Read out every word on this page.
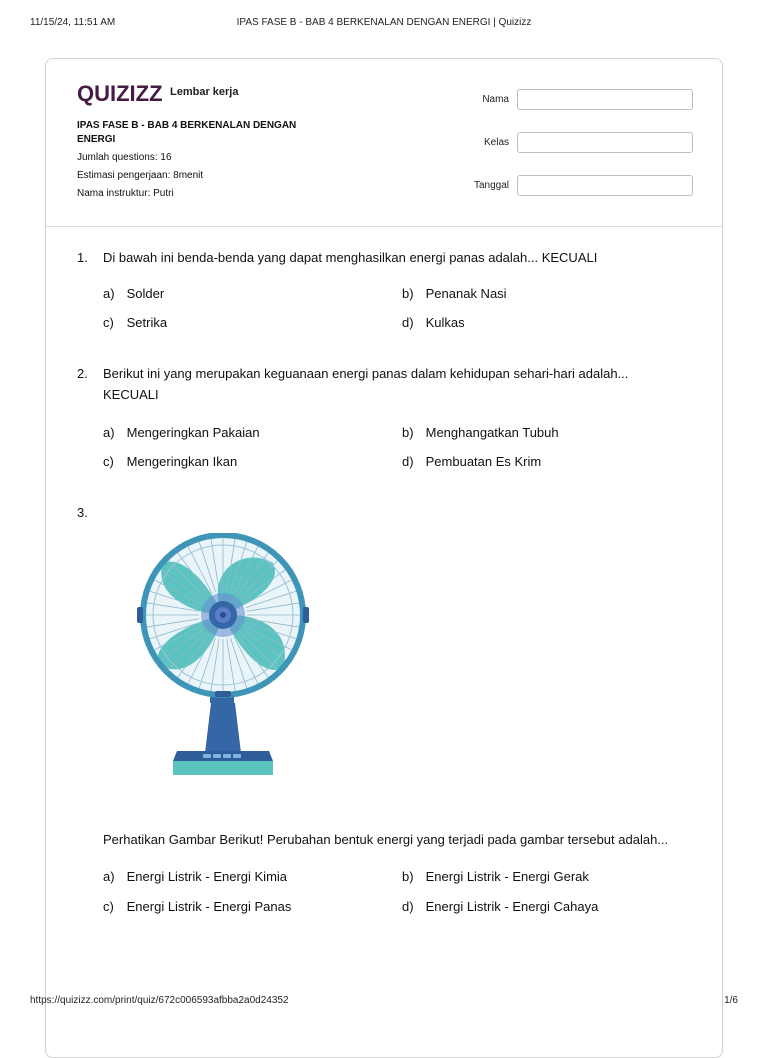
11/15/24, 11:51 AM	IPAS FASE B - BAB 4 BERKENALAN DENGAN ENERGI | Quizizz
QUIZIZZ Lembar kerja
IPAS FASE B - BAB 4 BERKENALAN DENGAN ENERGI
Jumlah questions: 16
Estimasi pengerjaan: 8menit
Nama instruktur: Putri
Nama
Kelas
Tanggal
1. Di bawah ini benda-benda yang dapat menghasilkan energi panas adalah... KECUALI
a) Solder	b) Penanak Nasi
c) Setrika	d) Kulkas
2. Berikut ini yang merupakan keguanaan energi panas dalam kehidupan sehari-hari adalah... KECUALI
a) Mengeringkan Pakaian	b) Menghangatkan Tubuh
c) Mengeringkan Ikan	d) Pembuatan Es Krim
3.
Perhatikan Gambar Berikut! Perubahan bentuk energi yang terjadi pada gambar tersebut adalah...
a) Energi Listrik - Energi Kimia	b) Energi Listrik - Energi Gerak
c) Energi Listrik - Energi Panas	d) Energi Listrik - Energi Cahaya
https://quizizz.com/print/quiz/672c006593afbba2a0d24352	1/6
